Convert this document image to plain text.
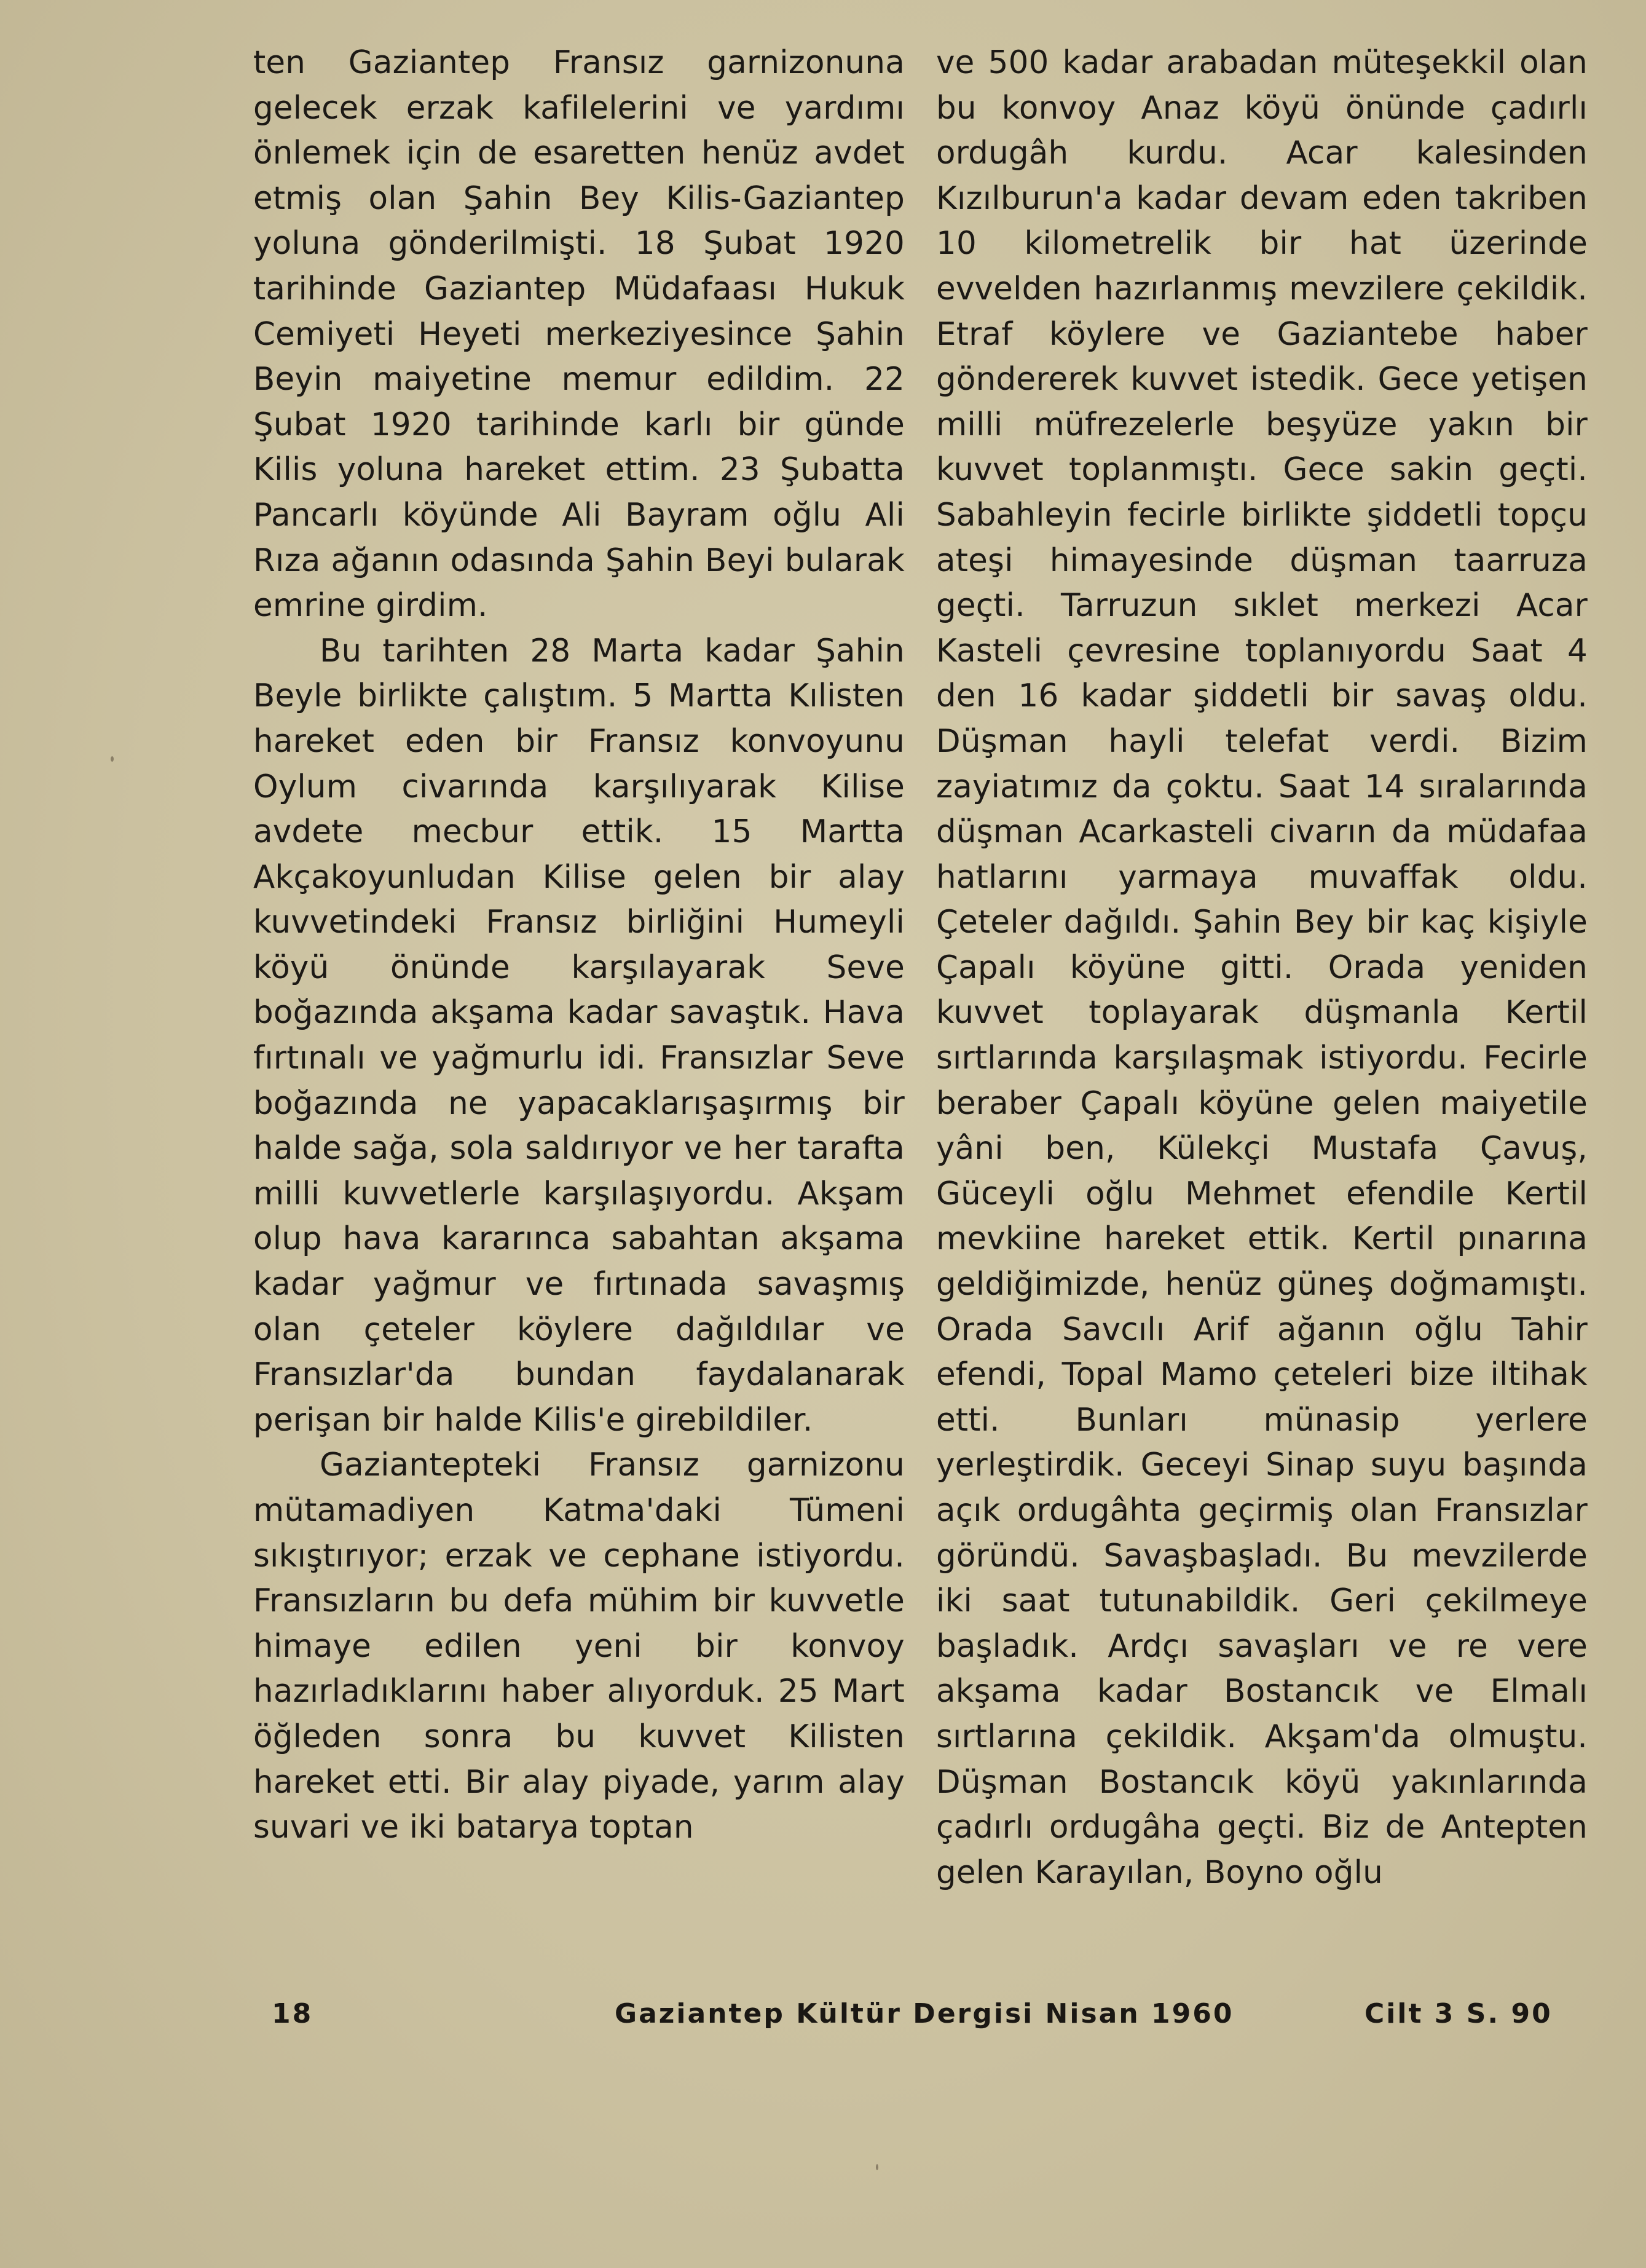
ten Gaziantep Fransız garnizonuna gelecek erzak kafilelerini ve yardımı önlemek için de esaretten henüz avdet etmiş olan Şahin Bey Kilis-Gaziantep yoluna gönderilmişti. 18 Şubat 1920 tarihinde Gaziantep Müdafaası Hukuk Cemiyeti Heyeti merkeziyesince Şahin Beyin maiyetine memur edildim. 22 Şubat 1920 tarihinde karlı bir günde Kilis yoluna hareket ettim. 23 Şubatta Pancarlı köyünde Ali Bayram oğlu Ali Rıza ağanın odasında Şahin Beyi bularak emrine girdim.

Bu tarihten 28 Marta kadar Şahin Beyle birlikte çalıştım. 5 Martta Kılisten hareket eden bir Fransız konvoyunu Oylum civarında karşılıyarak Kilise avdete mecbur ettik. 15 Martta Akçakoyunludan Kilise gelen bir alay kuvvetindeki Fransız birliğini Humeyli köyü önünde karşılayarak Seve boğazında akşama kadar savaştık. Hava fırtınalı ve yağmurlu idi. Fransızlar Seve boğazında ne yapacaklarışaşırmış bir halde sağa, sola saldırıyor ve her tarafta milli kuvvetlerle karşılaşıyordu. Akşam olup hava kararınca sabahtan akşama kadar yağmur ve fırtınada savaşmış olan çeteler köylere dağıldılar ve Fransızlar'da bundan faydalanarak perişan bir halde Kilis'e girebildiler.

Gazianteptеki Fransız garnizonu mütamadiyen Katma'daki Tümeni sıkıştırıyor; erzak ve cephane istiyordu. Fransızların bu defa mühim bir kuvvetle himaye edilen yeni bir konvoy hazırladıklarını haber alıyorduk. 25 Mart öğleden sonra bu kuvvet Kilisten hareket etti. Bir alay piyade, yarım alay suvari ve iki batarya toptan

ve 500 kadar arabadan müteşekkil olan bu konvoy Anaz köyü önünde çadırlı ordugâh kurdu. Acar kalesinden Kızılburun'a kadar devam eden takriben 10 kilometrelik bir hat üzerinde evvelden hazırlanmış mevzilere çekildik. Etraf köylere ve Gaziantebe haber göndererek kuvvet istedik. Gece yetişen milli müfrezelerle beşyüze yakın bir kuvvet toplanmıştı. Gece sakin geçti. Sabahleyin fecirle birlikte şiddetli topçu ateşi himayesinde düşman taarruza geçti. Tarruzun sıklet merkezi Acar Kasteli çevresine toplanıyordu Saat 4 den 16 kadar şiddetli bir savaş oldu. Düşman hayli telefat verdi. Bizim zayiatımız da çoktu. Saat 14 sıralarında düşman Acarkasteli civarın da müdafaa hatlarını yarmaya muvaffak oldu. Çeteler dağıldı. Şahin Bey bir kaç kişiyle Çapalı köyüne gitti. Orada yeniden kuvvet toplayarak düşmanla Kertil sırtlarında karşılaşmak istiyordu. Fecirle beraber Çapalı köyüne gelen maiyetile yâni ben, Külekçi Mustafa Çavuş, Güceyli oğlu Mehmet efendile Kertil mevkiine hareket ettik. Kertil pınarına geldiğimizde, henüz güneş doğmamıştı. Orada Savcılı Arif ağanın oğlu Tahir efendi, Topal Mamo çeteleri bize iltihak etti. Bunları münasip yerlere yerleştirdik. Geceyi Sinap suyu başında açık ordugâhta geçirmiş olan Fransızlar göründü. Savaşbaşladı. Bu mevzilerde iki saat tutunabildik. Geri çekilmeye başladık. Ardçı savaşları ve re vere akşama kadar Bostancık ve Elmalı sırtlarına çekildik. Akşam'da olmuştu. Düşman Bostancık köyü yakınlarında çadırlı ordugâha geçti. Biz de Antepten gelen Karayılan, Boyno oğlu

18	Gaziantep Kültür Dergisi Nisan 1960	Cilt 3 S. 90
